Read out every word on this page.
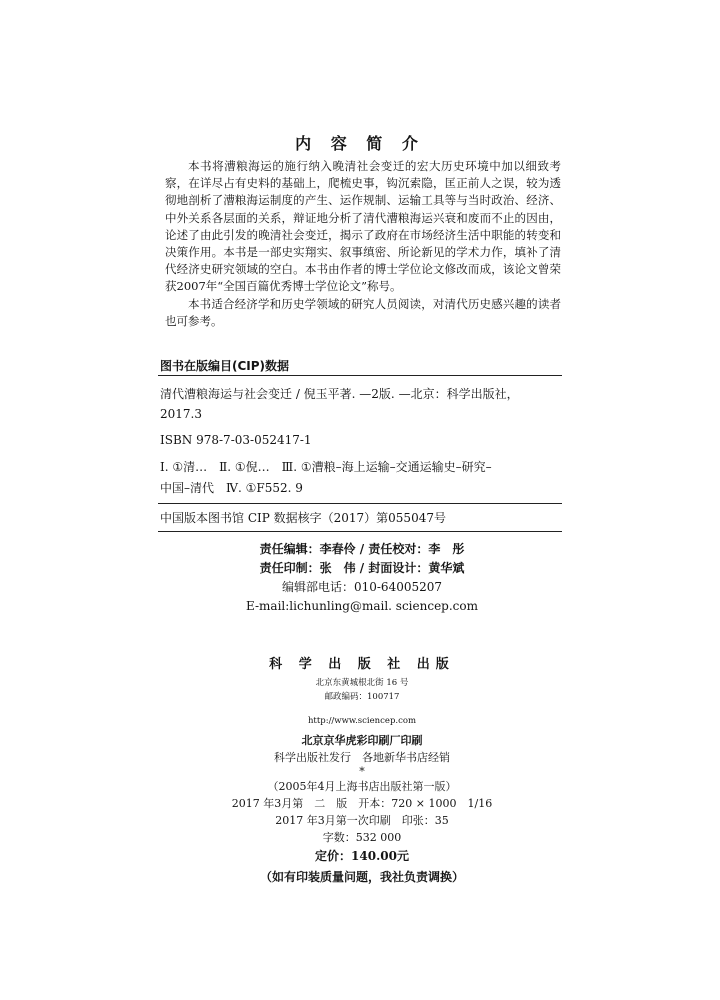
内 容 简 介

本书将漕粮海运的施行纳入晚清社会变迁的宏大历史环境中加以细致考察，在详尽占有史料的基础上，爬梳史事，钩沉索隐，匡正前人之误，较为透彻地剖析了漕粮海运制度的产生、运作规制、运输工具等与当时政治、经济、中外关系各层面的关系，辩证地分析了清代漕粮海运兴衰和废而不止的因由，论述了由此引发的晚清社会变迁，揭示了政府在市场经济生活中职能的转变和决策作用。本书是一部史实翔实、叙事缜密、所论新见的学术力作，填补了清代经济史研究领域的空白。本书由作者的博士学位论文修改而成，该论文曾荣获2007年“全国百篇优秀博士学位论文”称号。

本书适合经济学和历史学领域的研究人员阅读，对清代历史感兴趣的读者也可参考。

图书在版编目(CIP)数据
清代漕粮海运与社会变迁 / 倪玉平著. —2版. —北京：科学出版社，
2017.3
ISBN 978-7-03-052417-1
Ⅰ. ①清…　Ⅱ. ①倪…　Ⅲ. ①漕粮–海上运输–交通运输史–研究–
中国–清代　Ⅳ. ①F552. 9
中国版本图书馆 CIP 数据核字（2017）第055047号
责任编辑：李春伶 / 责任校对：李　彤
责任印制：张　伟 / 封面设计：黄华斌
编辑部电话：010-64005207
E-mail:lichunling@mail. sciencep.com
科 学 出 版 社 出版
北京东黄城根北街 16 号
邮政编码：100717
http://www.sciencep.com
北京京华虎彩印刷厂印刷
科学出版社发行　各地新华书店经销
*
（2005年4月上海书店出版社第一版）
2017 年3月第　二　版　开本：720 × 1000　1/16
2017 年3月第一次印刷　印张：35
字数：532 000
定价：140.00元
（如有印装质量问题，我社负责调换）
